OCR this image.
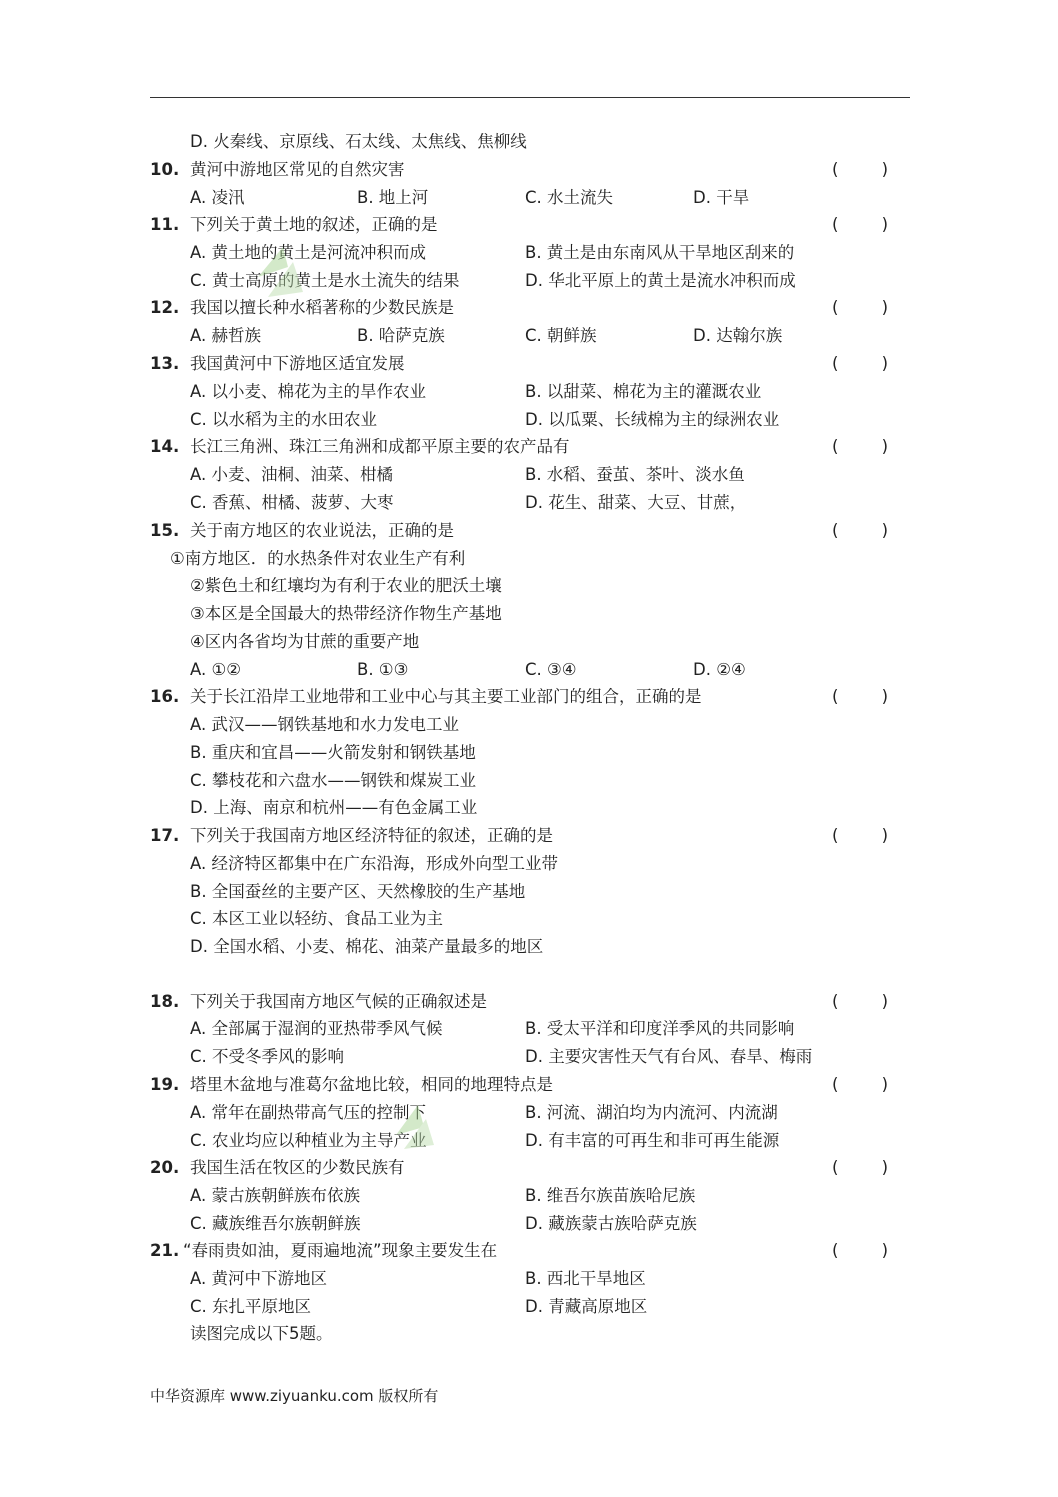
D. 火秦线、京原线、石太线、太焦线、焦柳线
10. 黄河中游地区常见的自然灾害	(	)
A. 凌汛	B. 地上河	C. 水土流失	D. 干旱
11. 下列关于黄土地的叙述，正确的是	(	)
A. 黄土地的黄土是河流冲积而成	B. 黄土是由东南风从干旱地区刮来的
C. 黄士高原的黄土是水土流失的结果	D. 华北平原上的黄土是流水冲积而成
12. 我国以擅长种水稻著称的少数民族是	(	)
A. 赫哲族	B. 哈萨克族	C. 朝鲜族	D. 达翰尔族
13. 我国黄河中下游地区适宜发展	(	)
A. 以小麦、棉花为主的旱作农业	B. 以甜菜、棉花为主的灌溉农业
C. 以水稻为主的水田农业	D. 以瓜粟、长绒棉为主的绿洲农业
14. 长江三角洲、珠江三角洲和成都平原主要的农产品有	(	)
A. 小麦、油桐、油菜、柑橘	B. 水稻、蚕茧、茶叶、淡水鱼
C. 香蕉、柑橘、菠萝、大枣	D. 花生、甜菜、大豆、甘蔗，
15. 关于南方地区的农业说法，正确的是	(	)
①南方地区．的水热条件对农业生产有利
②紫色土和红壤均为有利于农业的肥沃土壤
③本区是全国最大的热带经济作物生产基地
④区内各省均为甘蔗的重要产地
A. ①②	B. ①③	C. ③④	D. ②④
16. 关于长江沿岸工业地带和工业中心与其主要工业部门的组合，正确的是	(	)
A. 武汉——钢铁基地和水力发电工业
B. 重庆和宜昌——火箭发射和钢铁基地
C. 攀枝花和六盘水——钢铁和煤炭工业
D. 上海、南京和杭州——有色金属工业
17. 下列关于我国南方地区经济特征的叙述，正确的是	(	)
A. 经济特区都集中在广东沿海，形成外向型工业带
B. 全国蚕丝的主要产区、天然橡胶的生产基地
C. 本区工业以轻纺、食品工业为主
D. 全国水稻、小麦、棉花、油菜产量最多的地区
18. 下列关于我国南方地区气候的正确叙述是	(	)
A. 全部属于湿润的亚热带季风气候	B. 受太平洋和印度洋季风的共同影响
C. 不受冬季风的影响	D. 主要灾害性天气有台风、春旱、梅雨
19. 塔里木盆地与准葛尔盆地比较，相同的地理特点是	(	)
A. 常年在副热带高气压的控制下	B. 河流、湖泊均为内流河、内流湖
C. 农业均应以种植业为主导产业	D. 有丰富的可再生和非可再生能源
20. 我国生活在牧区的少数民族有	(	)
A. 蒙古族朝鲜族布依族	B. 维吾尔族苗族哈尼族
C. 藏族维吾尔族朝鲜族	D. 藏族蒙古族哈萨克族
21. “春雨贵如油，夏雨遍地流”现象主要发生在	(	)
A. 黄河中下游地区	B. 西北干旱地区
C. 东扎平原地区	D. 青藏高原地区
读图完成以下5题。
中华资源库 www.ziyuanku.com 版权所有
